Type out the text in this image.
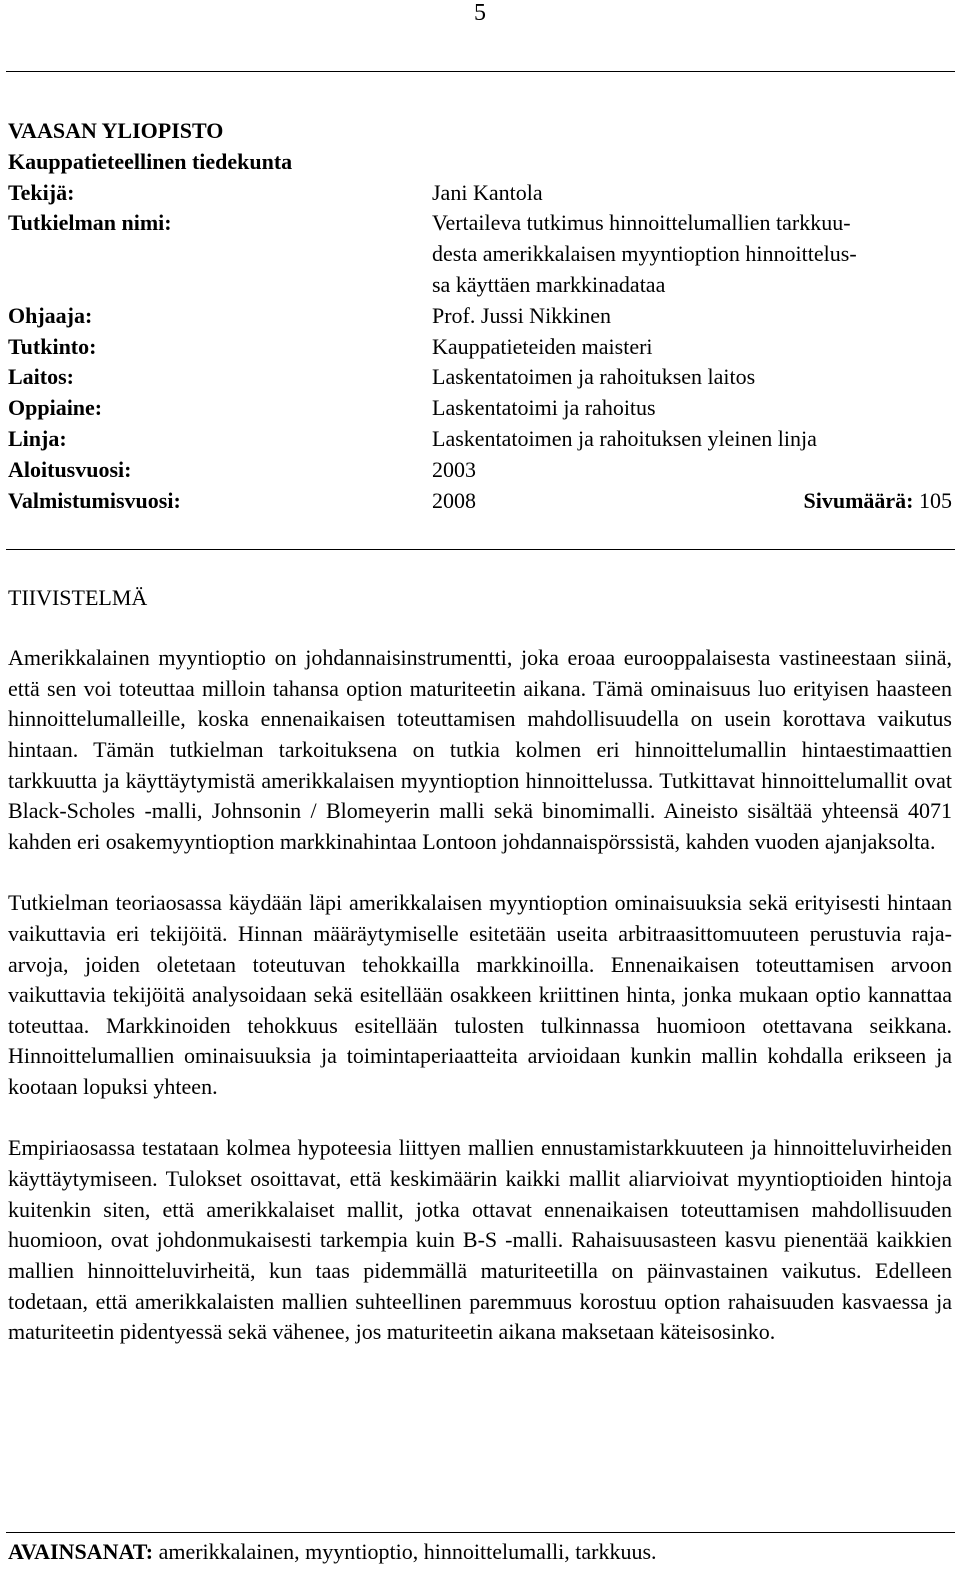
5
VAASAN YLIOPISTO
Kauppatieteellinen tiedekunta
Tekijä:	Jani Kantola
Tutkielman nimi:	Vertaileva tutkimus hinnoittelumallien tarkkuu-
desta amerikkalaisen myyntioption hinnoittelus-
sa käyttäen markkinadataa
Ohjaaja:	Prof. Jussi Nikkinen
Tutkinto:	Kauppatieteiden maisteri
Laitos:	Laskentatoimen ja rahoituksen laitos
Oppiaine:	Laskentatoimi ja rahoitus
Linja:	Laskentatoimen ja rahoituksen yleinen linja
Aloitusvuosi:	2003
Valmistumisvuosi:	2008	Sivumäärä: 105
TIIVISTELMÄ

Amerikkalainen myyntioptio on johdannaisinstrumentti, joka eroaa eurooppalaisesta vastineestaan siinä, että sen voi toteuttaa milloin tahansa option maturiteetin aikana. Tämä ominaisuus luo erityisen haasteen hinnoittelumalleille, koska ennenaikaisen toteuttamisen mahdollisuudella on usein korottava vaikutus hintaan. Tämän tutkielman tarkoituksena on tutkia kolmen eri hinnoittelumallin hintaestimaattien tarkkuutta ja käyttäytymistä amerikkalaisen myyntioption hinnoittelussa. Tutkittavat hinnoittelumallit ovat Black-Scholes -malli, Johnsonin / Blomeyerin malli sekä binomimalli. Aineisto sisältää yhteensä 4071 kahden eri osakemyyntioption markkinahintaa Lontoon johdannaispörssistä, kahden vuoden ajanjaksolta.

Tutkielman teoriaosassa käydään läpi amerikkalaisen myyntioption ominaisuuksia sekä erityisesti hintaan vaikuttavia eri tekijöitä. Hinnan määräytymiselle esitetään useita arbitraasittomuuteen perustuvia raja-arvoja, joiden oletetaan toteutuvan tehokkailla markkinoilla. Ennenaikaisen toteuttamisen arvoon vaikuttavia tekijöitä analysoidaan sekä esitellään osakkeen kriittinen hinta, jonka mukaan optio kannattaa toteuttaa. Markkinoiden tehokkuus esitellään tulosten tulkinnassa huomioon otettavana seikkana. Hinnoittelumallien ominaisuuksia ja toimintaperiaatteita arvioidaan kunkin mallin kohdalla erikseen ja kootaan lopuksi yhteen.

Empiriaosassa testataan kolmea hypoteesia liittyen mallien ennustamistarkkuuteen ja hinnoitteluvirheiden käyttäytymiseen. Tulokset osoittavat, että keskimäärin kaikki mallit aliarvioivat myyntioptioiden hintoja kuitenkin siten, että amerikkalaiset mallit, jotka ottavat ennenaikaisen toteuttamisen mahdollisuuden huomioon, ovat johdonmukaisesti tarkempia kuin B-S -malli. Rahaisuusasteen kasvu pienentää kaikkien mallien hinnoitteluvirheitä, kun taas pidemmällä maturiteetilla on päinvastainen vaikutus. Edelleen todetaan, että amerikkalaisten mallien suhteellinen paremmuus korostuu option rahaisuuden kasvaessa ja maturiteetin pidentyessä sekä vähenee, jos maturiteetin aikana maksetaan käteisosinko.

AVAINSANAT: amerikkalainen, myyntioptio, hinnoittelumalli, tarkkuus.
